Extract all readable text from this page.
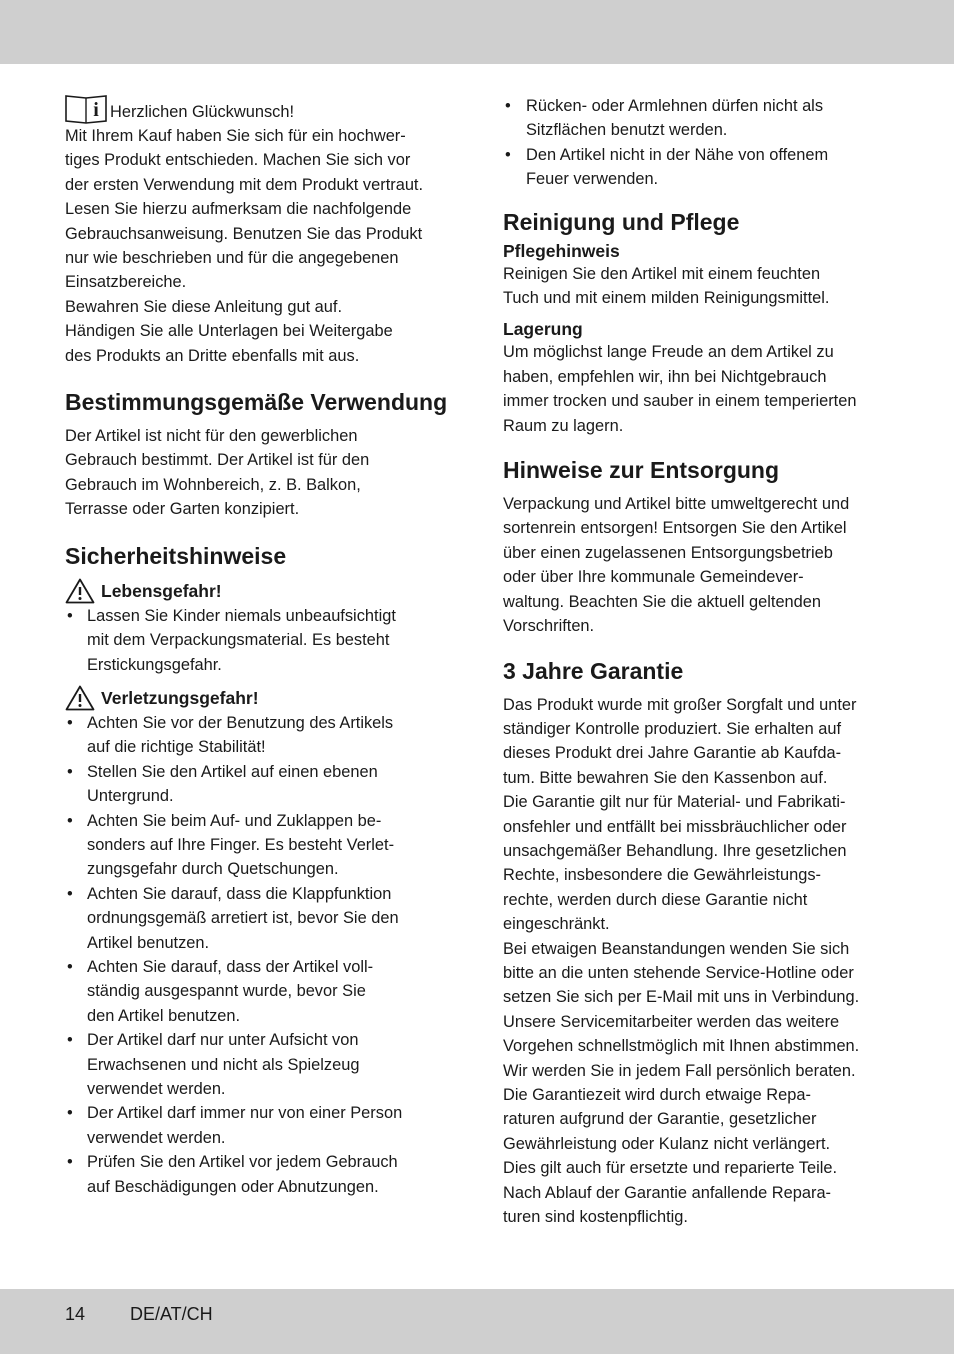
i Herzlichen Glückwunsch!

Mit Ihrem Kauf haben Sie sich für ein hochwer-
tiges Produkt entschieden. Machen Sie sich vor
der ersten Verwendung mit dem Produkt vertraut.
Lesen Sie hierzu aufmerksam die nachfolgende
Gebrauchsanweisung. Benutzen Sie das Produkt
nur wie beschrieben und für die angegebenen
Einsatzbereiche.
Bewahren Sie diese Anleitung gut auf.
Händigen Sie alle Unterlagen bei Weitergabe
des Produkts an Dritte ebenfalls mit aus.

Bestimmungsgemäße Verwendung

Der Artikel ist nicht für den gewerblichen
Gebrauch bestimmt. Der Artikel ist für den
Gebrauch im Wohnbereich, z. B. Balkon,
Terrasse oder Garten konzipiert.

Sicherheitshinweise
Lebensgefahr!
• Lassen Sie Kinder niemals unbeaufsichtigt
mit dem Verpackungsmaterial. Es besteht
Erstickungsgefahr.
Verletzungsgefahr!
• Achten Sie vor der Benutzung des Artikels
auf die richtige Stabilität!
• Stellen Sie den Artikel auf einen ebenen
Untergrund.
• Achten Sie beim Auf- und Zuklappen be-
sonders auf Ihre Finger. Es besteht Verlet-
zungsgefahr durch Quetschungen.
• Achten Sie darauf, dass die Klappfunktion
ordnungsgemäß arretiert ist, bevor Sie den
Artikel benutzen.
• Achten Sie darauf, dass der Artikel voll-
ständig ausgespannt wurde, bevor Sie
den Artikel benutzen.
• Der Artikel darf nur unter Aufsicht von
Erwachsenen und nicht als Spielzeug
verwendet werden.
• Der Artikel darf immer nur von einer Person
verwendet werden.
• Prüfen Sie den Artikel vor jedem Gebrauch
auf Beschädigungen oder Abnutzungen.
• Rücken- oder Armlehnen dürfen nicht als
Sitzflächen benutzt werden.
• Den Artikel nicht in der Nähe von offenem
Feuer verwenden.
Reinigung und Pflege
Pflegehinweis

Reinigen Sie den Artikel mit einem feuchten
Tuch und mit einem milden Reinigungsmittel.

Lagerung

Um möglichst lange Freude an dem Artikel zu
haben, empfehlen wir, ihn bei Nichtgebrauch
immer trocken und sauber in einem temperierten
Raum zu lagern.

Hinweise zur Entsorgung

Verpackung und Artikel bitte umweltgerecht und
sortenrein entsorgen! Entsorgen Sie den Artikel
über einen zugelassenen Entsorgungsbetrieb
oder über Ihre kommunale Gemeindever-
waltung. Beachten Sie die aktuell geltenden
Vorschriften.

3 Jahre Garantie

Das Produkt wurde mit großer Sorgfalt und unter
ständiger Kontrolle produziert. Sie erhalten auf
dieses Produkt drei Jahre Garantie ab Kaufda-
tum. Bitte bewahren Sie den Kassenbon auf.
Die Garantie gilt nur für Material- und Fabrikati-
onsfehler und entfällt bei missbräuchlicher oder
unsachgemäßer Behandlung. Ihre gesetzlichen
Rechte, insbesondere die Gewährleistungs-
rechte, werden durch diese Garantie nicht
eingeschränkt.
Bei etwaigen Beanstandungen wenden Sie sich
bitte an die unten stehende Service-Hotline oder
setzen Sie sich per E-Mail mit uns in Verbindung.
Unsere Servicemitarbeiter werden das weitere
Vorgehen schnellstmöglich mit Ihnen abstimmen.
Wir werden Sie in jedem Fall persönlich beraten.
Die Garantiezeit wird durch etwaige Repa-
raturen aufgrund der Garantie, gesetzlicher
Gewährleistung oder Kulanz nicht verlängert.
Dies gilt auch für ersetzte und reparierte Teile.
Nach Ablauf der Garantie anfallende Repara-
turen sind kostenpflichtig.

14 DE/AT/CH
